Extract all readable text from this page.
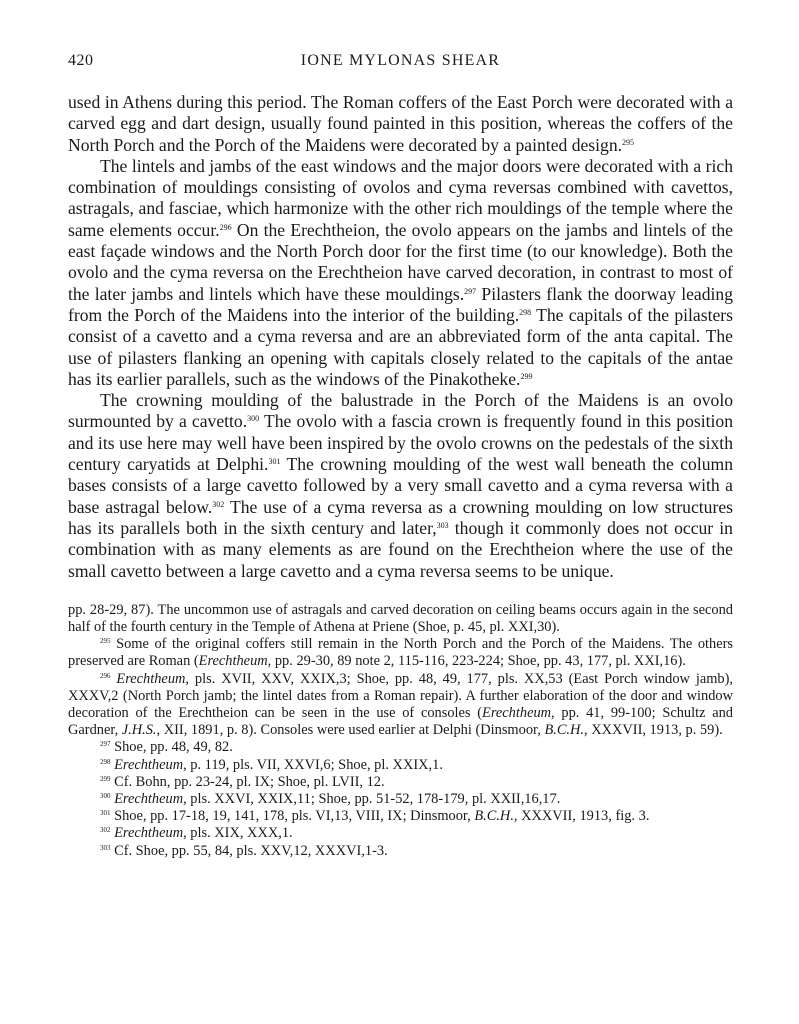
420	IONE MYLONAS SHEAR

used in Athens during this period. The Roman coffers of the East Porch were decorated with a carved egg and dart design, usually found painted in this position, whereas the coffers of the North Porch and the Porch of the Maidens were decorated by a painted design.$^{295}$

The lintels and jambs of the east windows and the major doors were decorated with a rich combination of mouldings consisting of ovolos and cyma reversas combined with cavettos, astragals, and fasciae, which harmonize with the other rich mouldings of the temple where the same elements occur.$^{296}$ On the Erechtheion, the ovolo appears on the jambs and lintels of the east façade windows and the North Porch door for the first time (to our knowledge). Both the ovolo and the cyma reversa on the Erechtheion have carved decoration, in contrast to most of the later jambs and lintels which have these mouldings.$^{297}$ Pilasters flank the doorway leading from the Porch of the Maidens into the interior of the building.$^{298}$ The capitals of the pilasters consist of a cavetto and a cyma reversa and are an abbreviated form of the anta capital. The use of pilasters flanking an opening with capitals closely related to the capitals of the antae has its earlier parallels, such as the windows of the Pinakotheke.$^{299}$

The crowning moulding of the balustrade in the Porch of the Maidens is an ovolo surmounted by a cavetto.$^{300}$ The ovolo with a fascia crown is frequently found in this position and its use here may well have been inspired by the ovolo crowns on the pedestals of the sixth century caryatids at Delphi.$^{301}$ The crowning moulding of the west wall beneath the column bases consists of a large cavetto followed by a very small cavetto and a cyma reversa with a base astragal below.$^{302}$ The use of a cyma reversa as a crowning moulding on low structures has its parallels both in the sixth century and later,$^{303}$ though it commonly does not occur in combination with as many elements as are found on the Erechtheion where the use of the small cavetto between a large cavetto and a cyma reversa seems to be unique.

pp. 28-29, 87). The uncommon use of astragals and carved decoration on ceiling beams occurs again in the second half of the fourth century in the Temple of Athena at Priene (Shoe, p. 45, pl. XXI,30).

$^{295}$ Some of the original coffers still remain in the North Porch and the Porch of the Maidens. The others preserved are Roman (Erechtheum, pp. 29-30, 89 note 2, 115-116, 223-224; Shoe, pp. 43, 177, pl. XXI,16).

$^{296}$ Erechtheum, pls. XVII, XXV, XXIX,3; Shoe, pp. 48, 49, 177, pls. XX,53 (East Porch window jamb), XXXV,2 (North Porch jamb; the lintel dates from a Roman repair). A further elaboration of the door and window decoration of the Erechtheion can be seen in the use of consoles (Erechtheum, pp. 41, 99-100; Schultz and Gardner, J.H.S., XII, 1891, p. 8). Consoles were used earlier at Delphi (Dinsmoor, B.C.H., XXXVII, 1913, p. 59).

$^{297}$ Shoe, pp. 48, 49, 82.

$^{298}$ Erechtheum, p. 119, pls. VII, XXVI,6; Shoe, pl. XXIX,1.

$^{299}$ Cf. Bohn, pp. 23-24, pl. IX; Shoe, pl. LVII, 12.

$^{300}$ Erechtheum, pls. XXVI, XXIX,11; Shoe, pp. 51-52, 178-179, pl. XXII,16,17.

$^{301}$ Shoe, pp. 17-18, 19, 141, 178, pls. VI,13, VIII, IX; Dinsmoor, B.C.H., XXXVII, 1913, fig. 3.

$^{302}$ Erechtheum, pls. XIX, XXX,1.

$^{303}$ Cf. Shoe, pp. 55, 84, pls. XXV,12, XXXVI,1-3.
